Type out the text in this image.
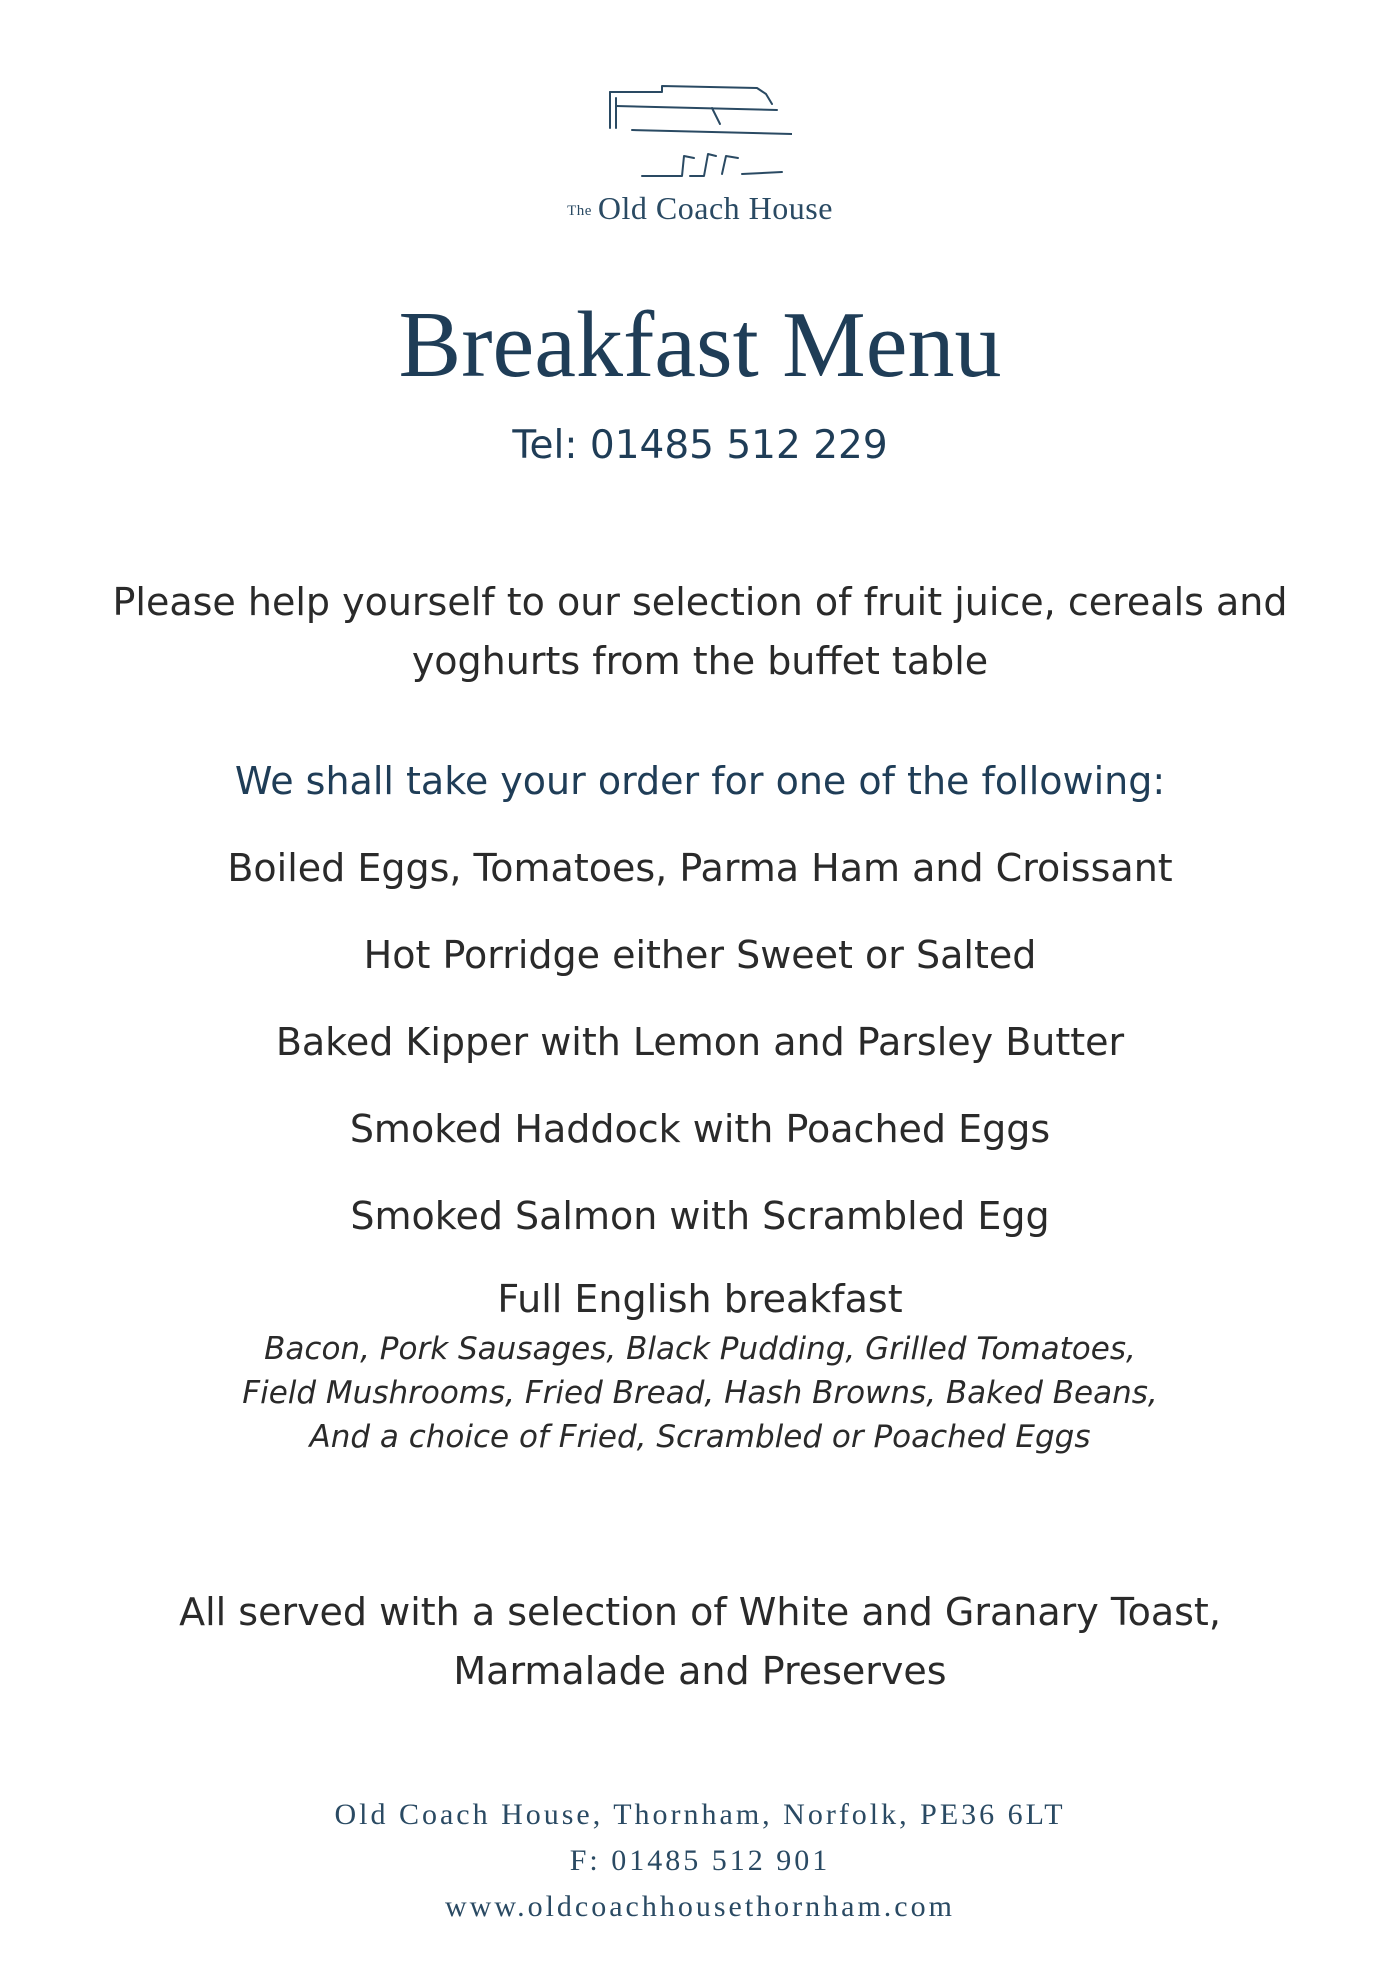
The Old Coach House
Breakfast Menu
Tel: 01485 512 229
Please help yourself to our selection of fruit juice, cereals and
yoghurts from the buffet table
We shall take your order for one of the following:
Boiled Eggs, Tomatoes, Parma Ham and Croissant
Hot Porridge either Sweet or Salted
Baked Kipper with Lemon and Parsley Butter
Smoked Haddock with Poached Eggs
Smoked Salmon with Scrambled Egg
Full English breakfast
Bacon, Pork Sausages, Black Pudding, Grilled Tomatoes,
Field Mushrooms, Fried Bread, Hash Browns, Baked Beans,
And a choice of Fried, Scrambled or Poached Eggs
All served with a selection of White and Granary Toast,
Marmalade and Preserves
Old Coach House, Thornham, Norfolk, PE36 6LT
F: 01485 512 901
www.oldcoachhousethornham.com
